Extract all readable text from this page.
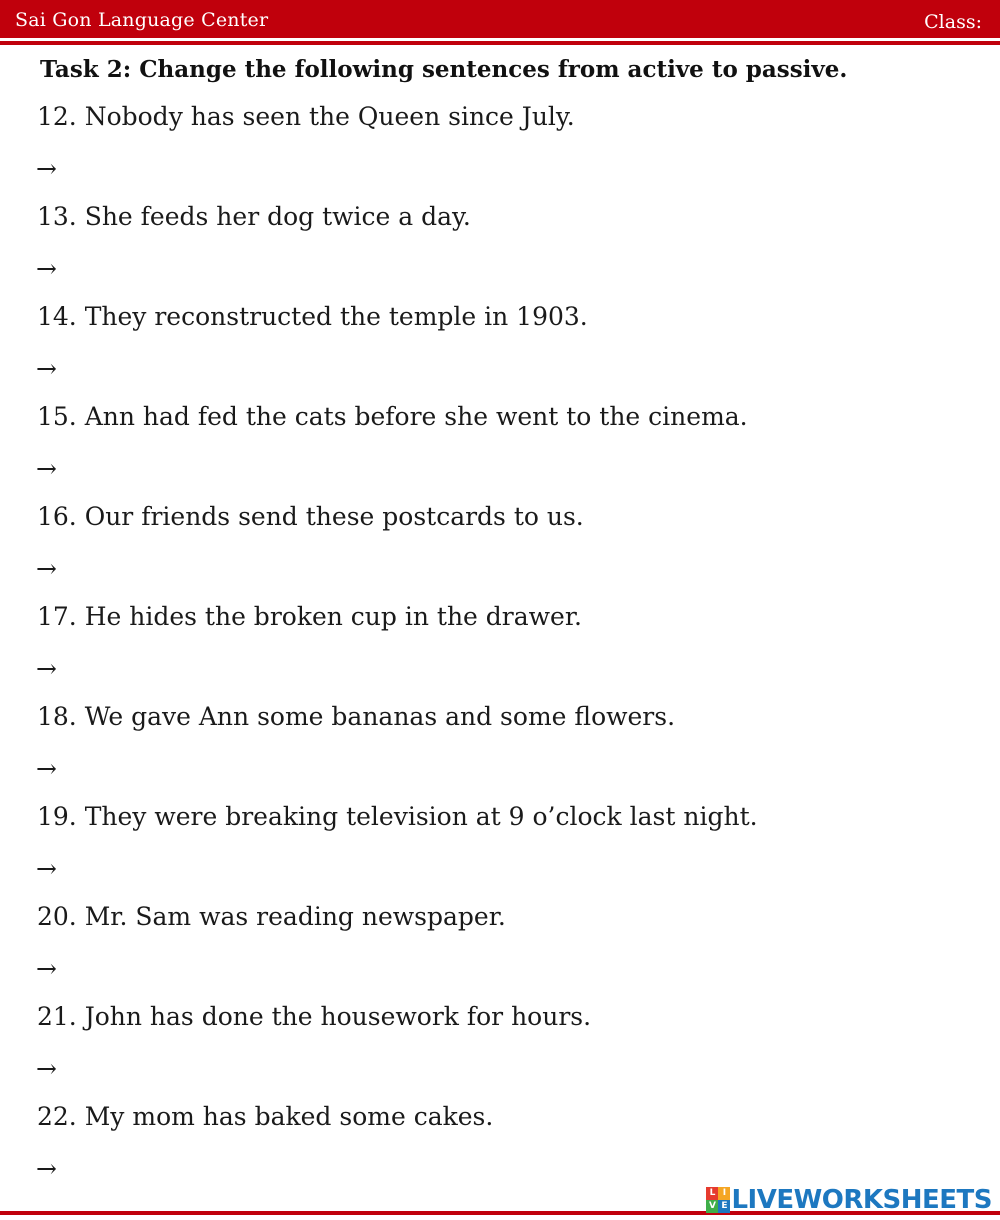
Sai Gon Language Center	Class:
Task 2: Change the following sentences from active to passive.
12. Nobody has seen the Queen since July.
→
13. She feeds her dog twice a day.
→
14. They reconstructed the temple in 1903.
→
15. Ann had fed the cats before she went to the cinema.
→
16. Our friends send these postcards to us.
→
17. He hides the broken cup in the drawer.
→
18. We gave Ann some bananas and some flowers.
→
19. They were breaking television at 9 o’clock last night.
→
20. Mr. Sam was reading newspaper.
→
21. John has done the housework for hours.
→
22. My mom has baked some cakes.
→
L I
V E LIVEWORKSHEETS
